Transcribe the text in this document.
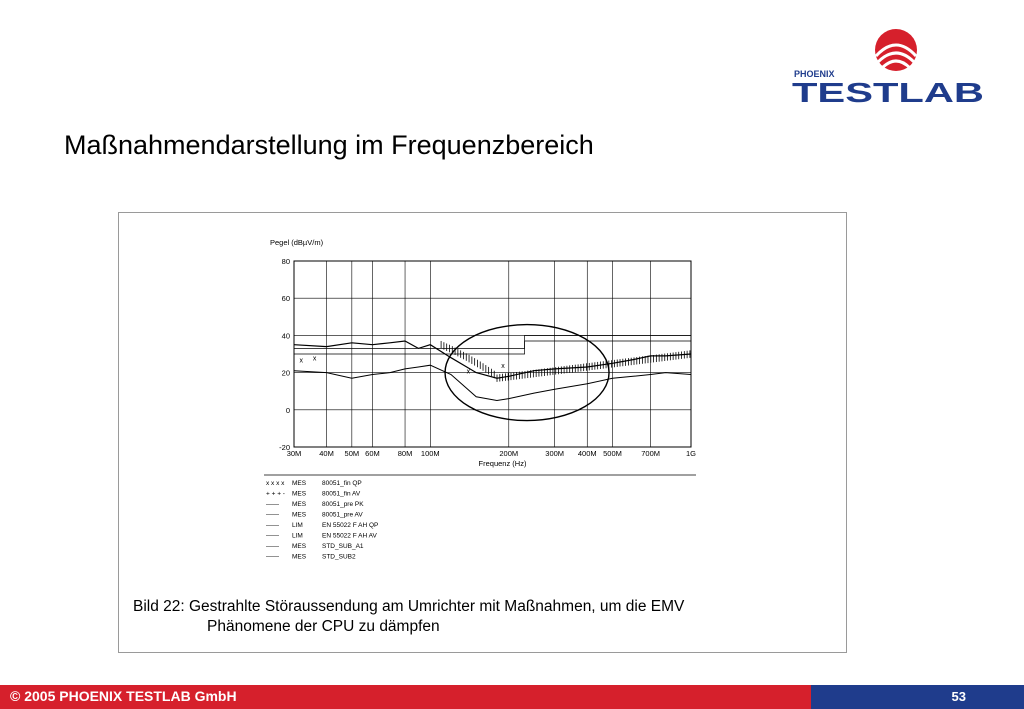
PHOENIX
TESTLAB
Maßnahmendarstellung im Frequenzbereich
Pegel (dBµV/m)
80
60
40
20
0
-20
30M 40M 50M 60M 80M 100M	200M	300M 400M 500M	700M	1G
Frequenz (Hz)
x x
x
x
x x x x MES 80051_fin QP
+ + + - MES 80051_fin AV
—— MES 80051_pre PK
—— MES 80051_pre AV
—— LIM	EN 55022 F AH QP
—— LIM	EN 55022 F AH AV
—— MES STD_SUB_A1
—— MES STD_SUB2
Bild 22: Gestrahlte Störaussendung am Umrichter mit Maßnahmen, um die EMV
Phänomene der CPU zu dämpfen
© 2005 PHOENIX TESTLAB GmbH	53
